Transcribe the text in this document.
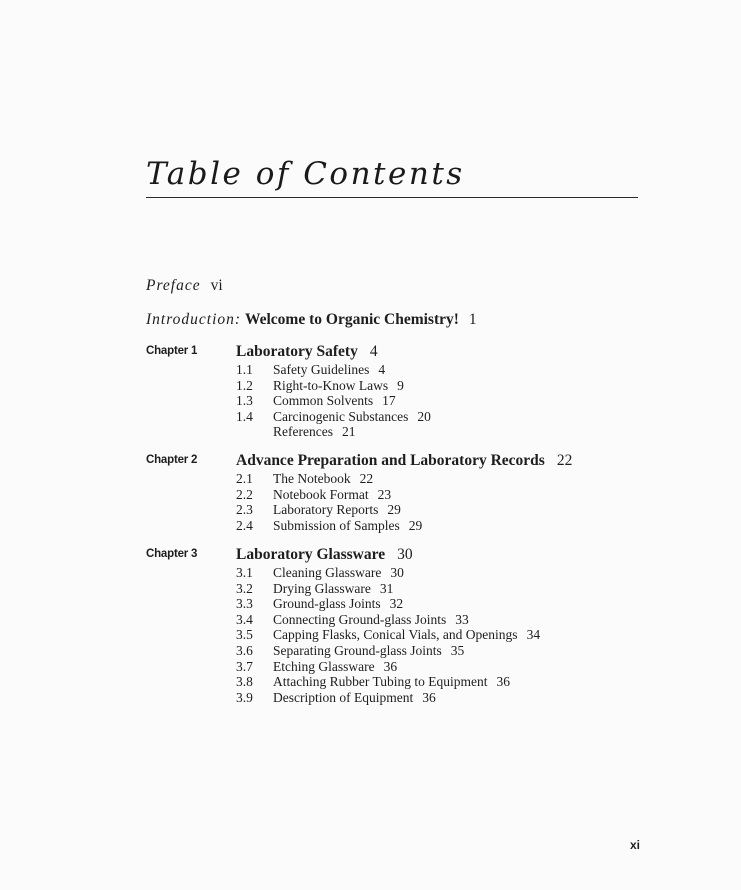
Table of Contents
Preface vi
Introduction: Welcome to Organic Chemistry! 1
Chapter 1	Laboratory Safety 4
1.1	Safety Guidelines 4
1.2	Right-to-Know Laws 9
1.3	Common Solvents 17
1.4	Carcinogenic Substances 20
References 21
Chapter 2	Advance Preparation and Laboratory Records 22
2.1	The Notebook 22
2.2	Notebook Format 23
2.3	Laboratory Reports 29
2.4	Submission of Samples 29
Chapter 3	Laboratory Glassware 30
3.1	Cleaning Glassware 30
3.2	Drying Glassware 31
3.3	Ground-glass Joints 32
3.4	Connecting Ground-glass Joints 33
3.5	Capping Flasks, Conical Vials, and Openings 34
3.6	Separating Ground-glass Joints 35
3.7	Etching Glassware 36
3.8	Attaching Rubber Tubing to Equipment 36
3.9	Description of Equipment 36
xi
